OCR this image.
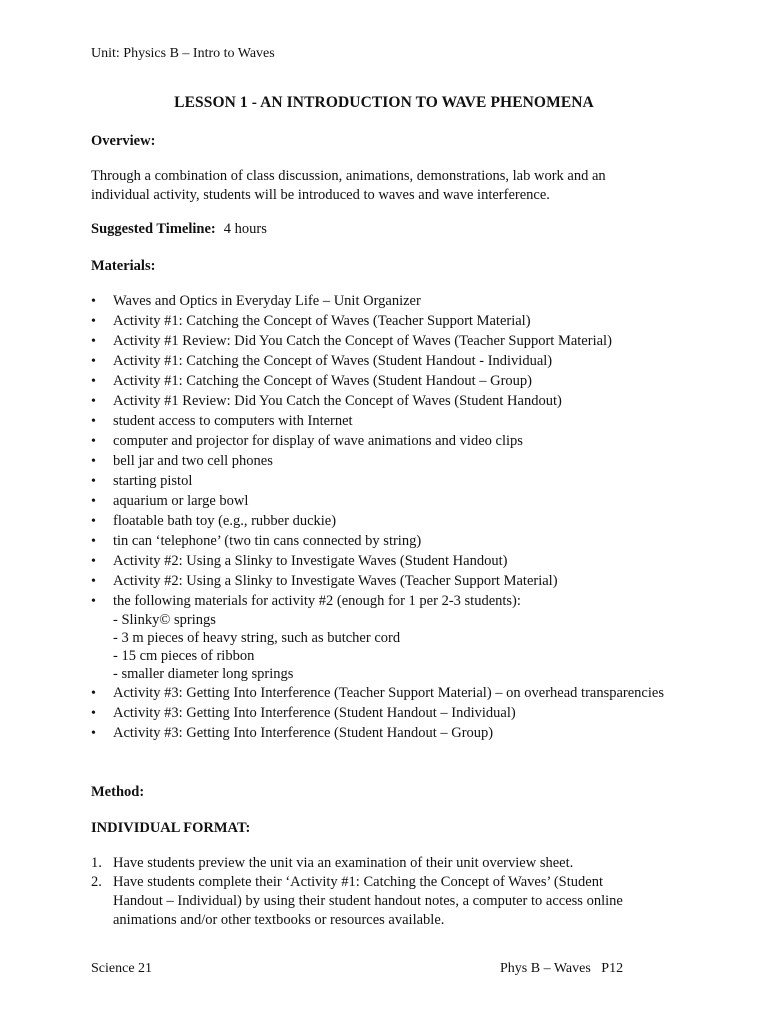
Unit: Physics B – Intro to Waves
LESSON 1 - AN INTRODUCTION TO WAVE PHENOMENA
Overview:
Through a combination of class discussion, animations, demonstrations, lab work and an individual activity, students will be introduced to waves and wave interference.
Suggested Timeline: 4 hours
Materials:
• Waves and Optics in Everyday Life – Unit Organizer
• Activity #1: Catching the Concept of Waves (Teacher Support Material)
• Activity #1 Review: Did You Catch the Concept of Waves (Teacher Support Material)
• Activity #1: Catching the Concept of Waves (Student Handout - Individual)
• Activity #1: Catching the Concept of Waves (Student Handout – Group)
• Activity #1 Review: Did You Catch the Concept of Waves (Student Handout)
• student access to computers with Internet
• computer and projector for display of wave animations and video clips
• bell jar and two cell phones
• starting pistol
• aquarium or large bowl
• floatable bath toy (e.g., rubber duckie)
• tin can ‘telephone’ (two tin cans connected by string)
• Activity #2: Using a Slinky to Investigate Waves (Student Handout)
• Activity #2: Using a Slinky to Investigate Waves (Teacher Support Material)
• the following materials for activity #2 (enough for 1 per 2-3 students):
- Slinky© springs
- 3 m pieces of heavy string, such as butcher cord
- 15 cm pieces of ribbon
- smaller diameter long springs
• Activity #3: Getting Into Interference (Teacher Support Material) – on overhead transparencies
• Activity #3: Getting Into Interference (Student Handout – Individual)
• Activity #3: Getting Into Interference (Student Handout – Group)
Method:
INDIVIDUAL FORMAT:
1. Have students preview the unit via an examination of their unit overview sheet.
2. Have students complete their ‘Activity #1: Catching the Concept of Waves’ (Student Handout – Individual) by using their student handout notes, a computer to access online animations and/or other textbooks or resources available.
Science 21	Phys B – Waves   P12
